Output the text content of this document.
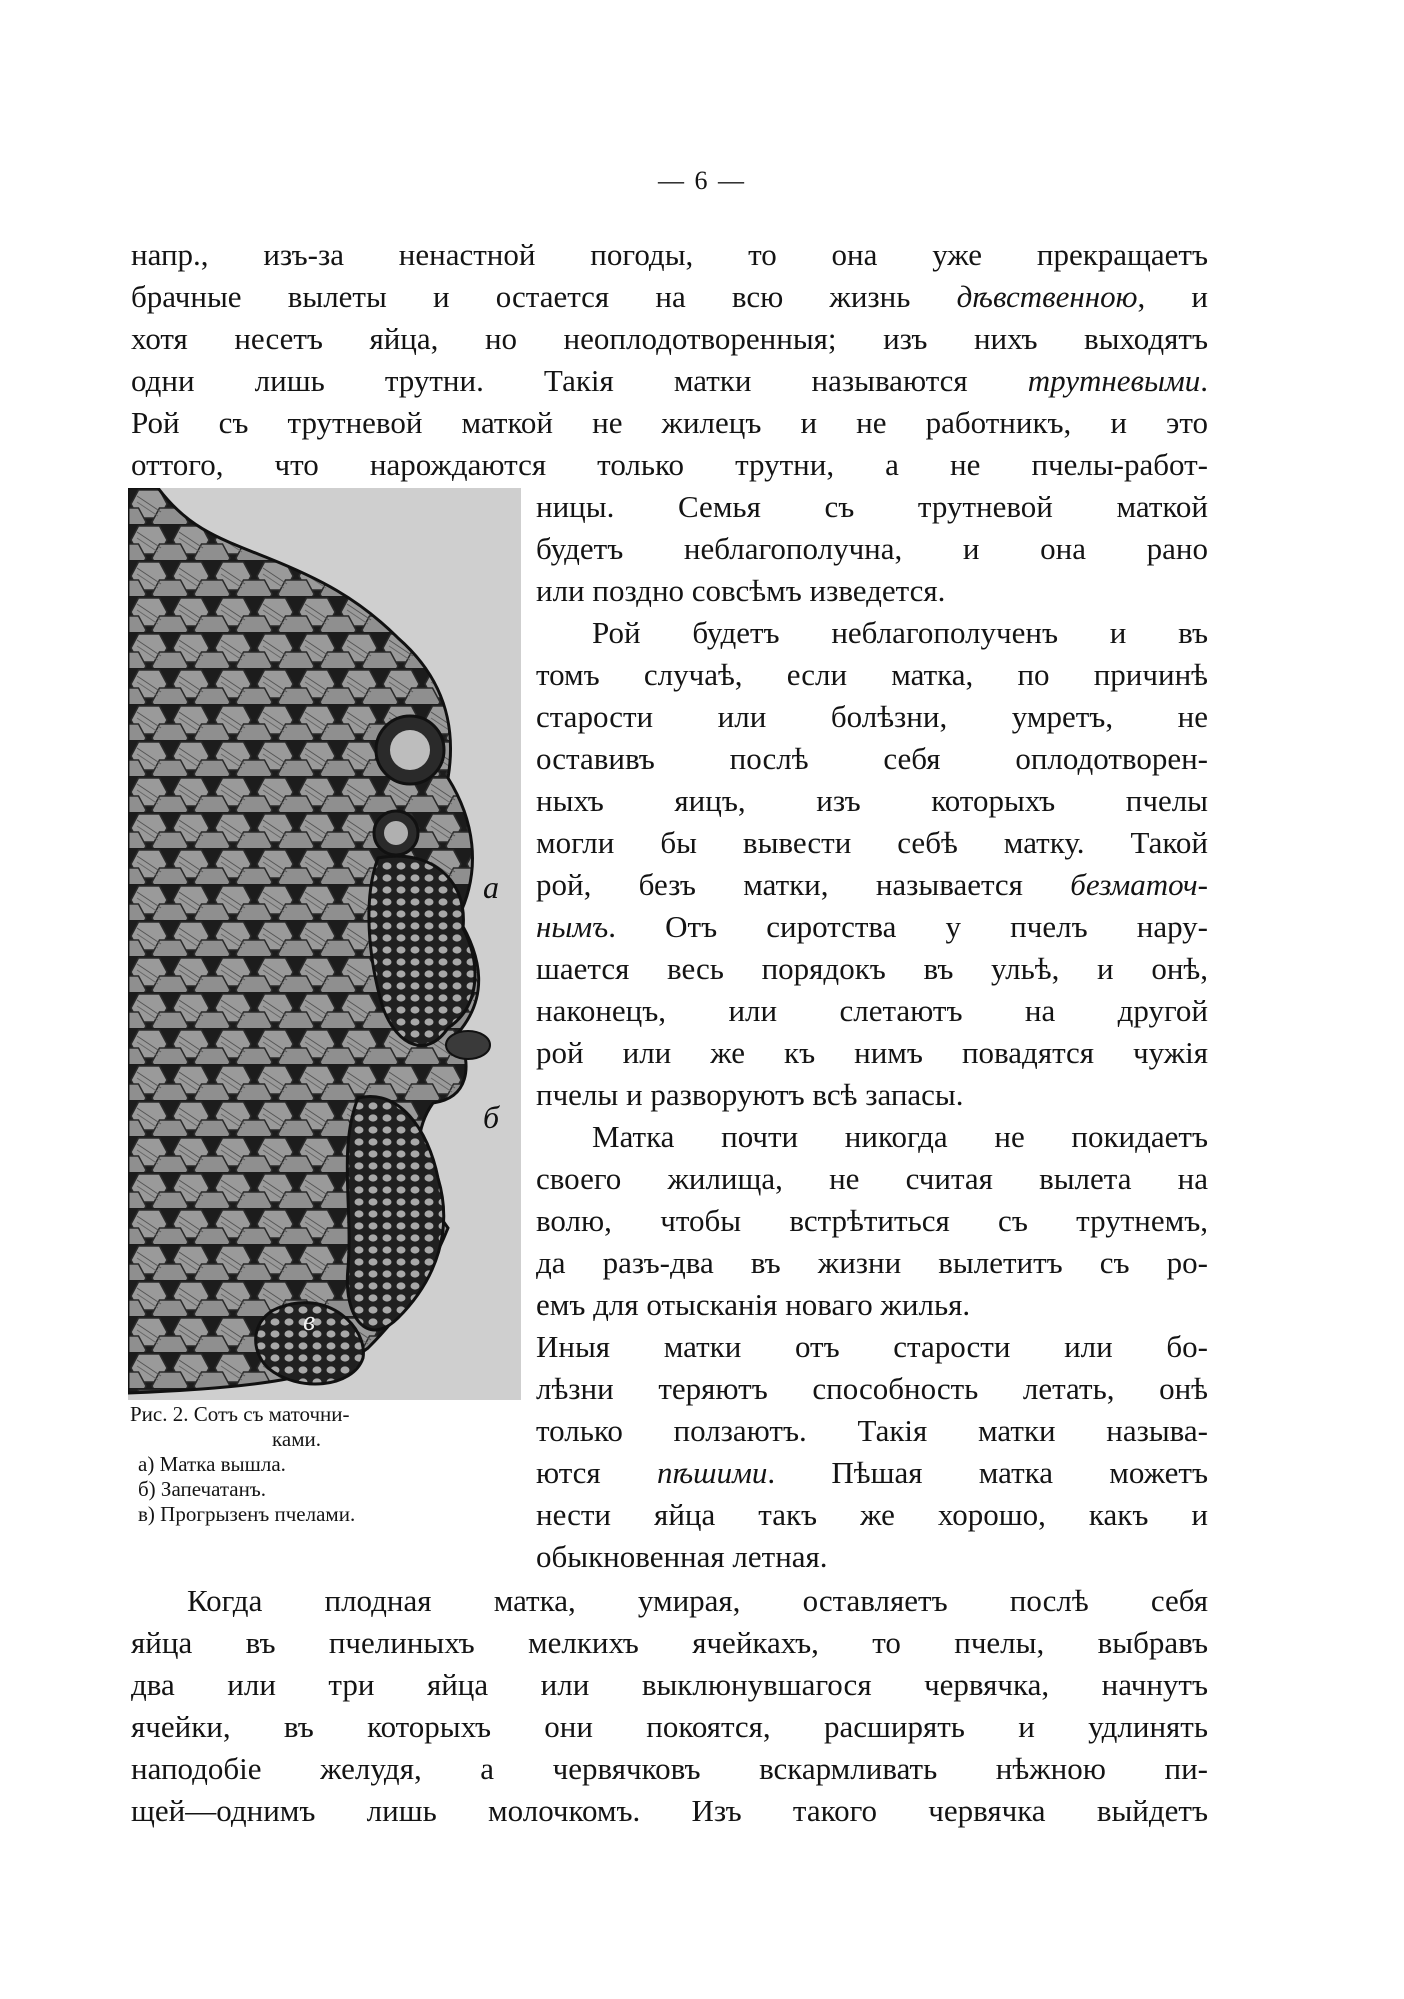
— 6 —

напр., изъ-за ненастной погоды, то она уже прекращаетъ

брачные вылеты и остается на всю жизнь дѣвственною, и

хотя несетъ яйца, но неоплодотворенныя; изъ нихъ выходятъ

одни лишь трутни. Такія матки называются трутневыми.

Рой съ трутневой маткой не жилецъ и не работникъ, и это

оттого, что нарождаются только трутни, а не пчелы-работ-

ницы. Семья съ трутневой маткой

будетъ неблагополучна, и она рано

или поздно совсѣмъ изведется.

Рой будетъ неблагополученъ и въ

томъ случаѣ, если матка, по причинѣ

старости или болѣзни, умретъ, не

оставивъ послѣ себя оплодотворен-

ныхъ яицъ, изъ которыхъ пчелы

могли бы вывести себѣ матку. Такой

рой, безъ матки, называется безматоч-

нымъ. Отъ сиротства у пчелъ нару-

шается весь порядокъ въ ульѣ, и онѣ,

наконецъ, или слетаютъ на другой

рой или же къ нимъ повадятся чужія

пчелы и разворуютъ всѣ запасы.

Матка почти никогда не покидаетъ

своего жилища, не считая вылета на

волю, чтобы встрѣтиться съ трутнемъ,

да разъ-два въ жизни вылетитъ съ ро-

емъ для отысканія новаго жилья.

Иныя матки отъ старости или бо-

лѣзни теряютъ способность летать, онѣ

только ползаютъ. Такія матки называ-

ются пѣшими. Пѣшая матка можетъ

нести яйца такъ же хорошо, какъ и

обыкновенная летная.

Когда плодная матка, умирая, оставляетъ послѣ себя

яйца въ пчелиныхъ мелкихъ ячейкахъ, то пчелы, выбравъ

два или три яйца или выклюнувшагося червячка, начнутъ

ячейки, въ которыхъ они покоятся, расширять и удлинять

наподобіе желудя, а червячковъ вскармливать нѣжною пи-

щей—однимъ лишь молочкомъ. Изъ такого червячка выйдетъ

а
б
в

Рис. 2. Сотъ съ маточни-

ками.

а) Матка вышла.

б) Запечатанъ.

в) Прогрызенъ пчелами.
